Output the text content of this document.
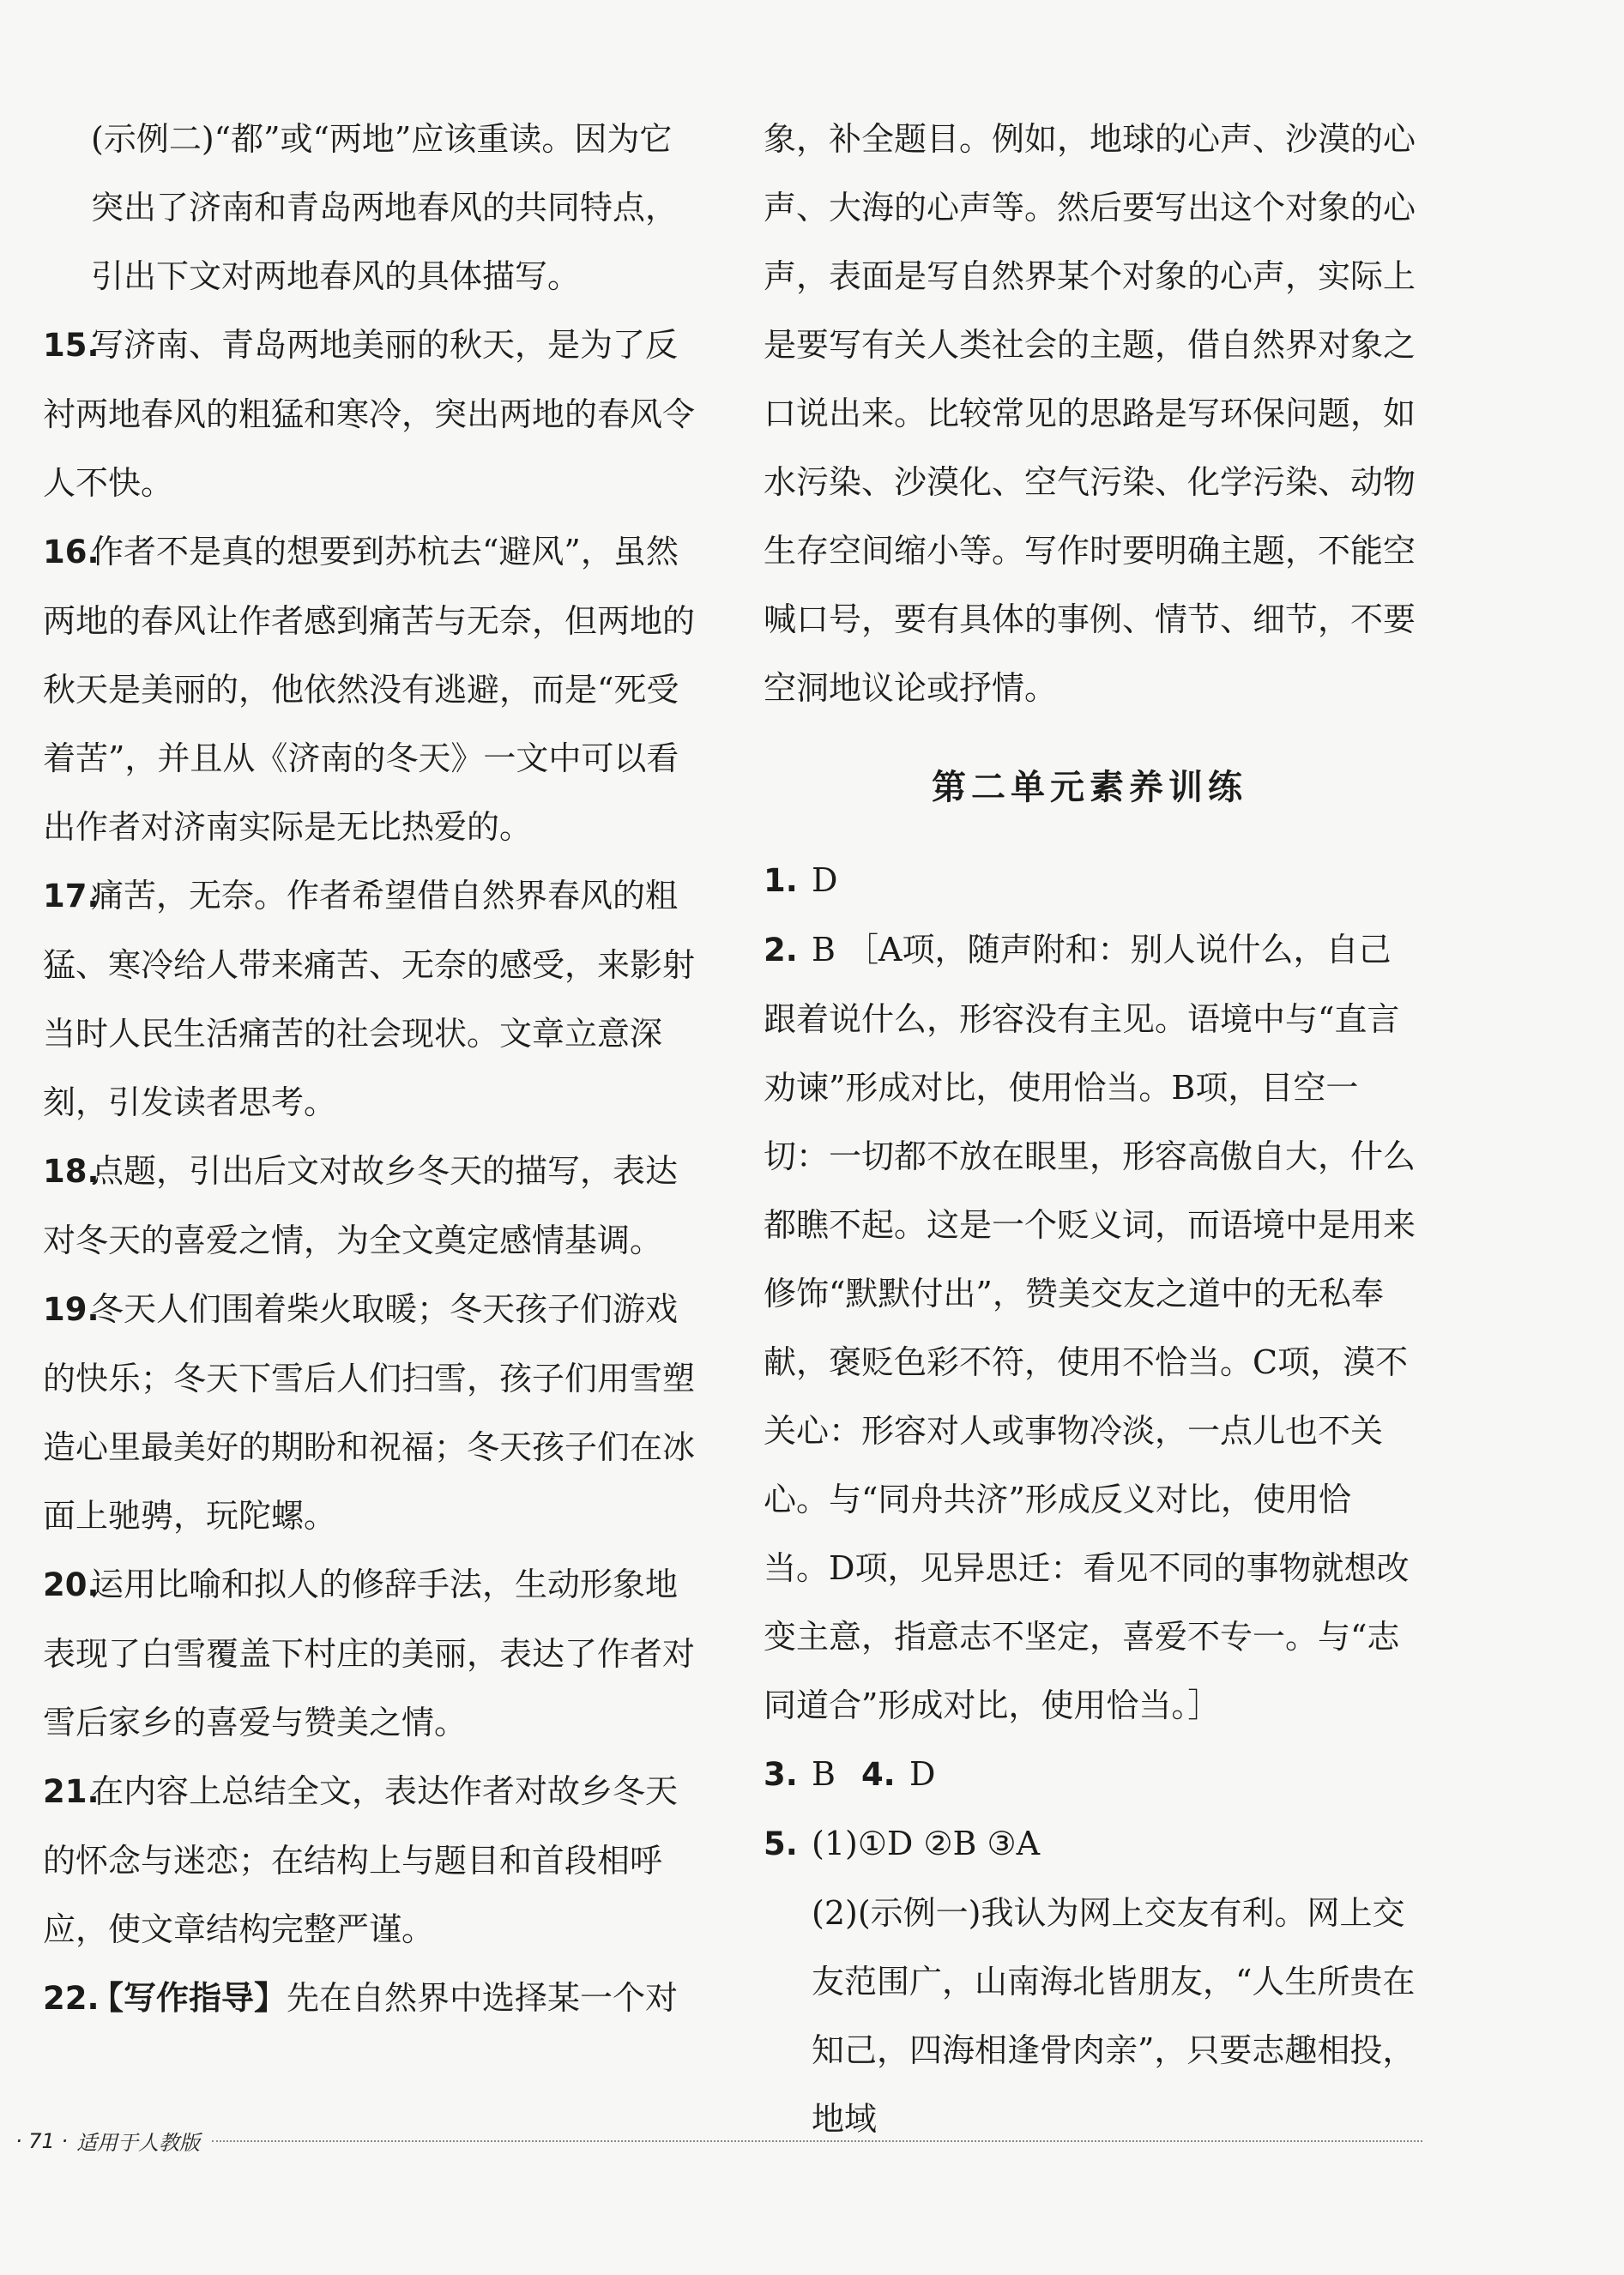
(示例二)“都”或“两地”应该重读。因为它突出了济南和青岛两地春风的共同特点，引出下文对两地春风的具体描写。

15.写济南、青岛两地美丽的秋天，是为了反衬两地春风的粗猛和寒冷，突出两地的春风令人不快。

16.作者不是真的想要到苏杭去“避风”，虽然两地的春风让作者感到痛苦与无奈，但两地的秋天是美丽的，他依然没有逃避，而是“死受着苦”，并且从《济南的冬天》一文中可以看出作者对济南实际是无比热爱的。

17.痛苦，无奈。作者希望借自然界春风的粗猛、寒冷给人带来痛苦、无奈的感受，来影射当时人民生活痛苦的社会现状。文章立意深刻，引发读者思考。

18.点题，引出后文对故乡冬天的描写，表达对冬天的喜爱之情，为全文奠定感情基调。

19.冬天人们围着柴火取暖；冬天孩子们游戏的快乐；冬天下雪后人们扫雪，孩子们用雪塑造心里最美好的期盼和祝福；冬天孩子们在冰面上驰骋，玩陀螺。

20.运用比喻和拟人的修辞手法，生动形象地表现了白雪覆盖下村庄的美丽，表达了作者对雪后家乡的喜爱与赞美之情。

21.在内容上总结全文，表达作者对故乡冬天的怀念与迷恋；在结构上与题目和首段相呼应，使文章结构完整严谨。

22.【写作指导】先在自然界中选择某一个对

象，补全题目。例如，地球的心声、沙漠的心声、大海的心声等。然后要写出这个对象的心声，表面是写自然界某个对象的心声，实际上是要写有关人类社会的主题，借自然界对象之口说出来。比较常见的思路是写环保问题，如水污染、沙漠化、空气污染、化学污染、动物生存空间缩小等。写作时要明确主题，不能空喊口号，要有具体的事例、情节、细节，不要空洞地议论或抒情。

第二单元素养训练

1. D

2. B ［A项，随声附和：别人说什么，自己跟着说什么，形容没有主见。语境中与“直言劝谏”形成对比，使用恰当。B项，目空一切：一切都不放在眼里，形容高傲自大，什么都瞧不起。这是一个贬义词，而语境中是用来修饰“默默付出”，赞美交友之道中的无私奉献，褒贬色彩不符，使用不恰当。C项，漠不关心：形容对人或事物冷淡，一点儿也不关心。与“同舟共济”形成反义对比，使用恰当。D项，见异思迁：看见不同的事物就想改变主意，指意志不坚定，喜爱不专一。与“志同道合”形成对比，使用恰当。］

3. B 4. D

5. (1)①D ②B ③A

(2)(示例一)我认为网上交友有利。网上交友范围广，山南海北皆朋友，“人生所贵在知己，四海相逢骨肉亲”，只要志趣相投，地域

· 71 · 适用于人教版
